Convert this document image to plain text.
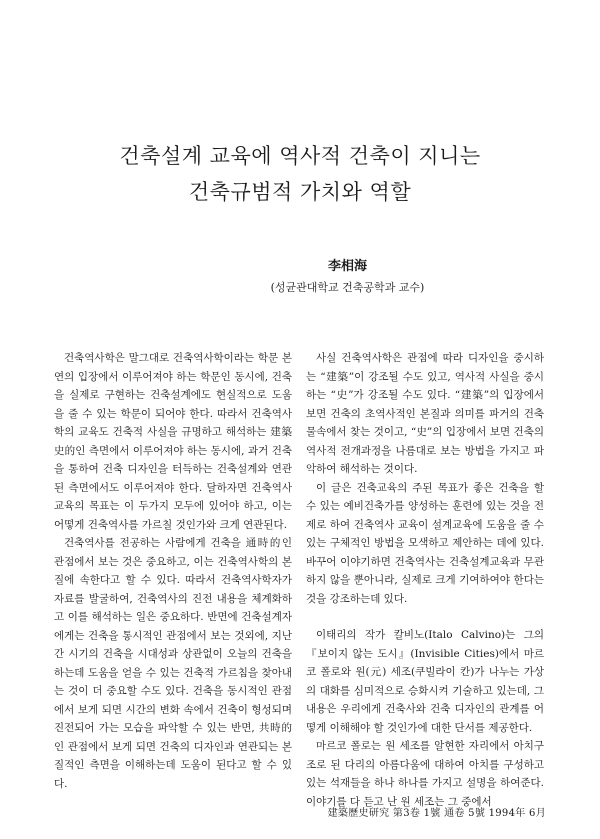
건축설계 교육에 역사적 건축이 지니는
건축규범적 가치와 역할
李相海
(성균관대학교 건축공학과 교수)

건축역사학은 말그대로 건축역사학이라는 학문 본연의 입장에서 이루어져야 하는 학문인 동시에, 건축을 실제로 구현하는 건축설계에도 현실적으로 도움을 줄 수 있는 학문이 되어야 한다. 따라서 건축역사학의 교육도 건축적 사실을 규명하고 해석하는 建築史的인 측면에서 이루어져야 하는 동시에, 과거 건축을 통하여 건축 디자인을 터득하는 건축설계와 연관된 측면에서도 이루어져야 한다. 달하자면 건축역사 교육의 목표는 이 두가지 모두에 있어야 하고, 이는 어떻게 건축역사를 가르칠 것인가와 크게 연관된다.

건축역사를 전공하는 사람에게 건축을 通時的인 관점에서 보는 것은 중요하고, 이는 건축역사학의 본질에 속한다고 할 수 있다. 따라서 건축역사학자가 자료를 발굴하여, 건축역사의 진전 내용을 체계화하고 이를 해석하는 일은 중요하다. 반면에 건축설계자에게는 건축을 통시적인 관점에서 보는 것외에, 지난간 시기의 건축을 시대성과 상관없이 오늘의 건축을 하는데 도움을 얻을 수 있는 건축적 가르침을 찾아내는 것이 더 중요할 수도 있다. 건축을 동시적인 관점에서 보게 되면 시간의 변화 속에서 건축이 형성되며 진전되어 가는 모습을 파악할 수 있는 반면, 共時的인 관점에서 보게 되면 건축의 디자인과 연관되는 본질적인 측면을 이해하는데 도움이 된다고 할 수 있다.

사실 건축역사학은 관점에 따라 디자인을 중시하는 “建築”이 강조될 수도 있고, 역사적 사실을 중시하는 “史”가 강조될 수도 있다. “建築”의 입장에서 보면 건축의 초역사적인 본질과 의미를 파거의 건축물속에서 찾는 것이고, “史”의 입장에서 보면 건축의 역사적 전개과정을 나름대로 보는 방법을 가지고 파악하여 해석하는 것이다.

이 글은 건축교육의 주된 목표가 좋은 건축을 할 수 있는 예비건축가를 양성하는 훈련에 있는 것을 전제로 하여 건축역사 교육이 설계교육에 도움을 줄 수 있는 구체적인 방법을 모색하고 제안하는 데에 있다. 바꾸어 이야기하면 건축역사는 건축설계교육과 무관하지 않을 뿐아니라, 실제로 크게 기여하여야 한다는 것을 강조하는데 있다.

이태리의 작가 칼비노(Italo Calvino)는 그의 『보이지 않는 도시』(Invisible Cities)에서 마르코 폴로와 원(元) 세조(쿠빌라이 칸)가 나누는 가상의 대화를 심미적으로 승화시켜 기술하고 있는데, 그 내용은 우리에게 건축사와 건축 디자인의 관계를 어떻게 이해해야 할 것인가에 대한 단서를 제공한다.

마르코 폴로는 원 세조를 알현한 자리에서 아치구조로 된 다리의 아름다움에 대하여 아치를 구성하고 있는 석재들을 하나 하나를 가지고 설명을 하여준다. 이야기를 다 듣고 난 원 세조는 그 중에서

建築歷史研究 第3卷 1號 通卷 5號 1994年 6月
